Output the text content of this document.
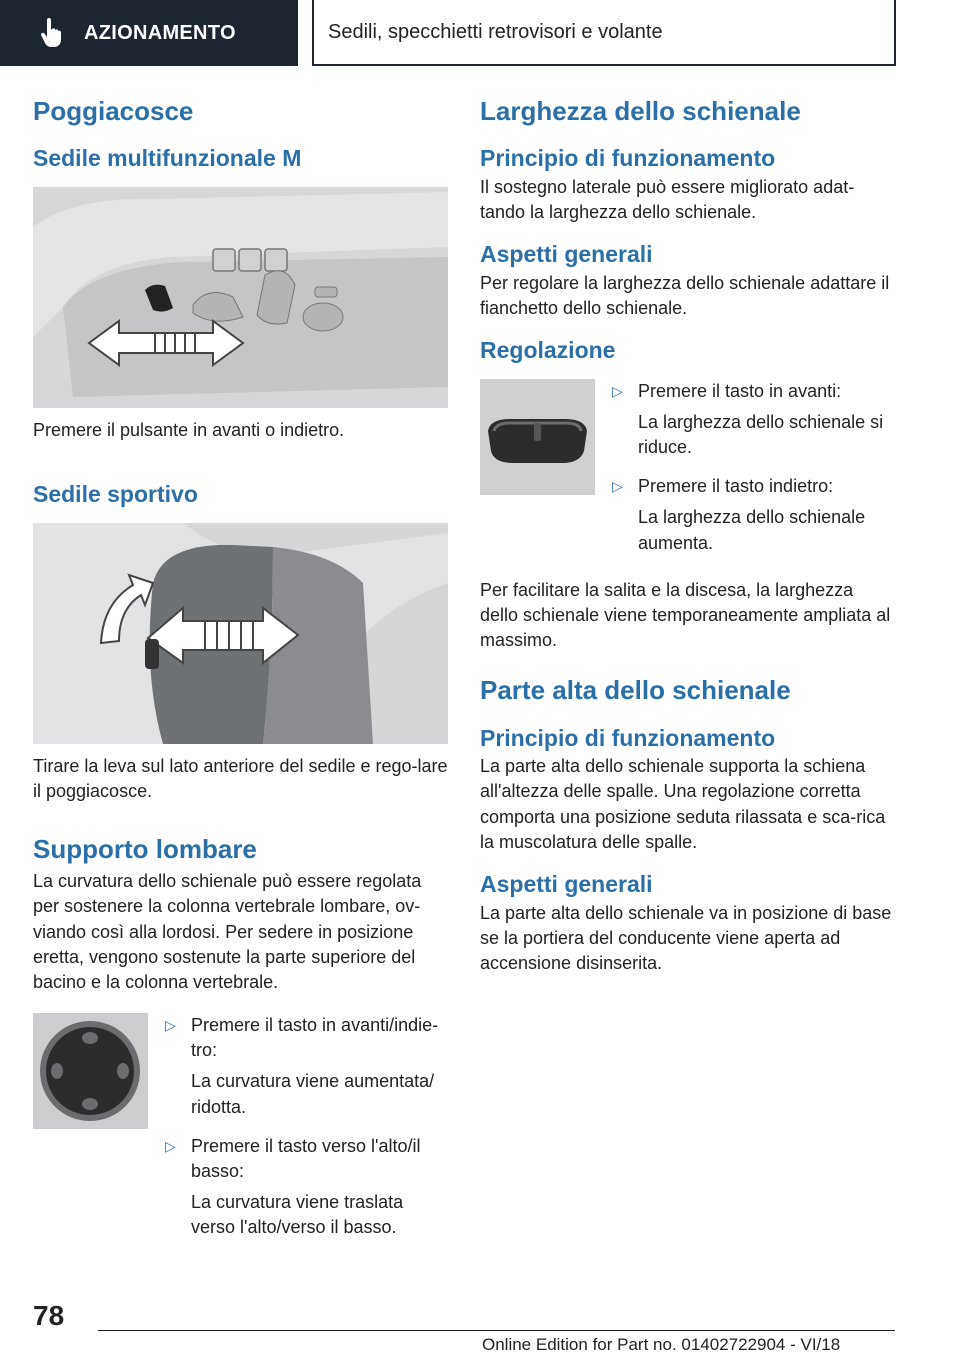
AZIONAMENTO	Sedili, specchietti retrovisori e volante
Poggiacosce
Sedile multifunzionale M

Premere il pulsante in avanti o indietro.

Sedile sportivo

Tirare la leva sul lato anteriore del sedile e rego-lare il poggiacosce.

Supporto lombare

La curvatura dello schienale può essere regolata per sostenere la colonna vertebrale lombare, ov-viando così alla lordosi. Per sedere in posizione eretta, vengono sostenute la parte superiore del bacino e la colonna vertebrale.

▷ Premere il tasto in avanti/indie-tro:

La curvatura viene aumentata/ ridotta.

▷ Premere il tasto verso l'alto/il basso:

La curvatura viene traslata verso l'alto/verso il basso.

Larghezza dello schienale
Principio di funzionamento

Il sostegno laterale può essere migliorato adat-tando la larghezza dello schienale.

Aspetti generali

Per regolare la larghezza dello schienale adattare il fianchetto dello schienale.

Regolazione
▷ Premere il tasto in avanti:

La larghezza dello schienale si riduce.

▷ Premere il tasto indietro:

La larghezza dello schienale aumenta.

Per facilitare la salita e la discesa, la larghezza dello schienale viene temporaneamente ampliata al massimo.

Parte alta dello schienale
Principio di funzionamento

La parte alta dello schienale supporta la schiena all'altezza delle spalle. Una regolazione corretta comporta una posizione seduta rilassata e sca-rica la muscolatura delle spalle.

Aspetti generali

La parte alta dello schienale va in posizione di base se la portiera del conducente viene aperta ad accensione disinserita.

78
Online Edition for Part no. 01402722904 - VI/18
